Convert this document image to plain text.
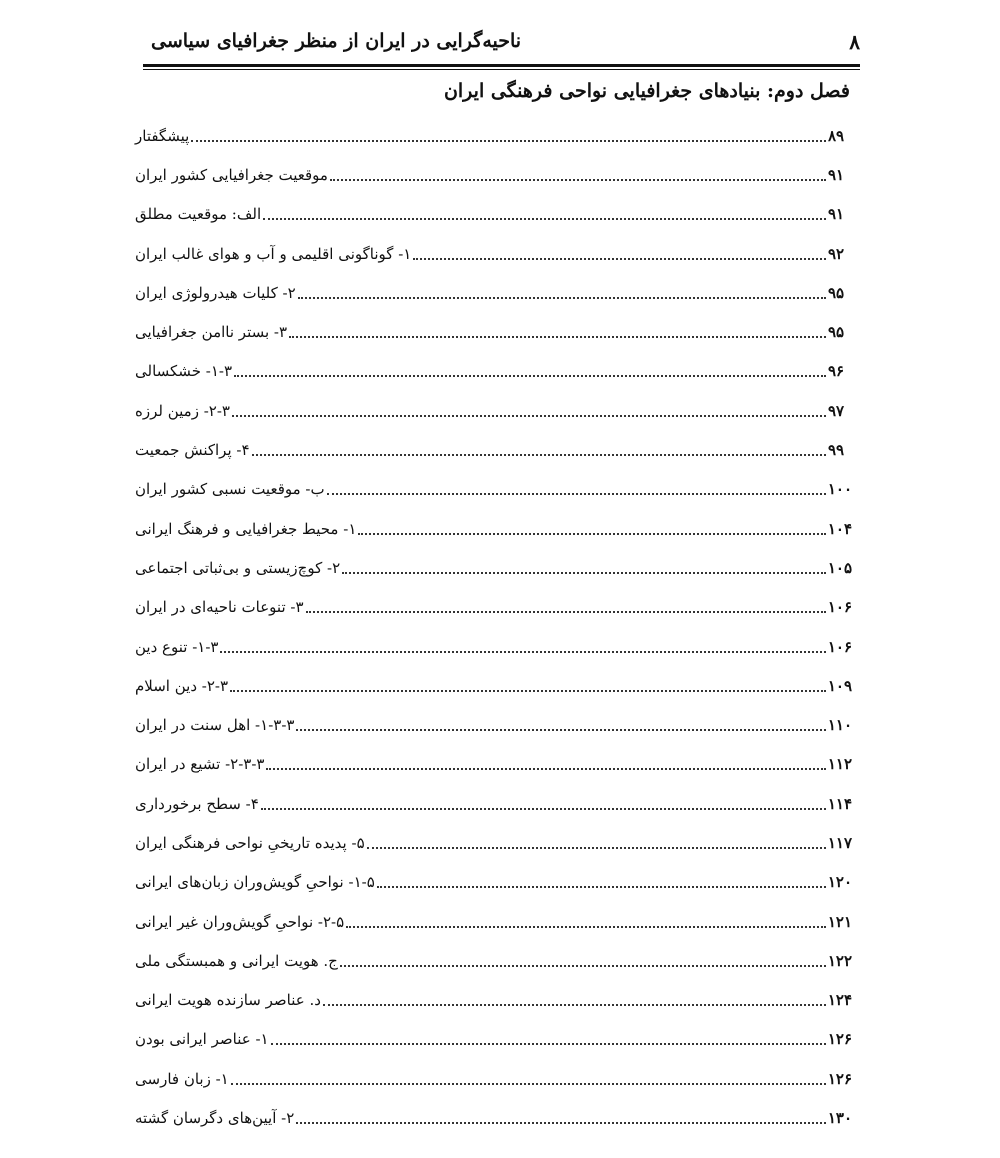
۸
ناحیه‌گرایی در ایران از منظر جغرافیای سیاسی
فصل دوم: بنیادهای جغرافیایی نواحی فرهنگی ایران
پیشگفتار	۸۹
موقعیت جغرافیایی کشور ایران	۹۱
الف: موقعیت مطلق	۹۱
۱- گوناگونی اقلیمی و آب و هوای غالب ایران	۹۲
۲- کلیات هیدرولوژی ایران	۹۵
۳- بستر ناامن جغرافیایی	۹۵
۱-۳- خشکسالی	۹۶
۲-۳- زمین لرزه	۹۷
۴- پراکنش جمعیت	۹۹
ب- موقعیت نسبی کشور ایران	۱۰۰
۱- محیط جغرافیایی و فرهنگ ایرانی	۱۰۴
۲- کوچ‌زیستی و بی‌ثباتی اجتماعی	۱۰۵
۳- تنوعات ناحیه‌ای در ایران	۱۰۶
۱-۳- تنوع دین	۱۰۶
۲-۳- دین اسلام	۱۰۹
۱-۳-۳- اهل سنت در ایران	۱۱۰
۲-۳-۳- تشیع در ایران	۱۱۲
۴- سطح برخورداری	۱۱۴
۵- پدیده تاریخیِ نواحی فرهنگی ایران	۱۱۷
۱-۵- نواحیِ گویش‌وران زبان‌های ایرانی	۱۲۰
۲-۵- نواحیِ گویش‌وران غیر ایرانی	۱۲۱
ج. هویت ایرانی و همبستگی ملی	۱۲۲
د. عناصر سازنده هویت ایرانی	۱۲۴
۱- عناصر ایرانی بودن	۱۲۶
۱- زبان فارسی	۱۲۶
۲- آیین‌های دگرسان گشته	۱۳۰
